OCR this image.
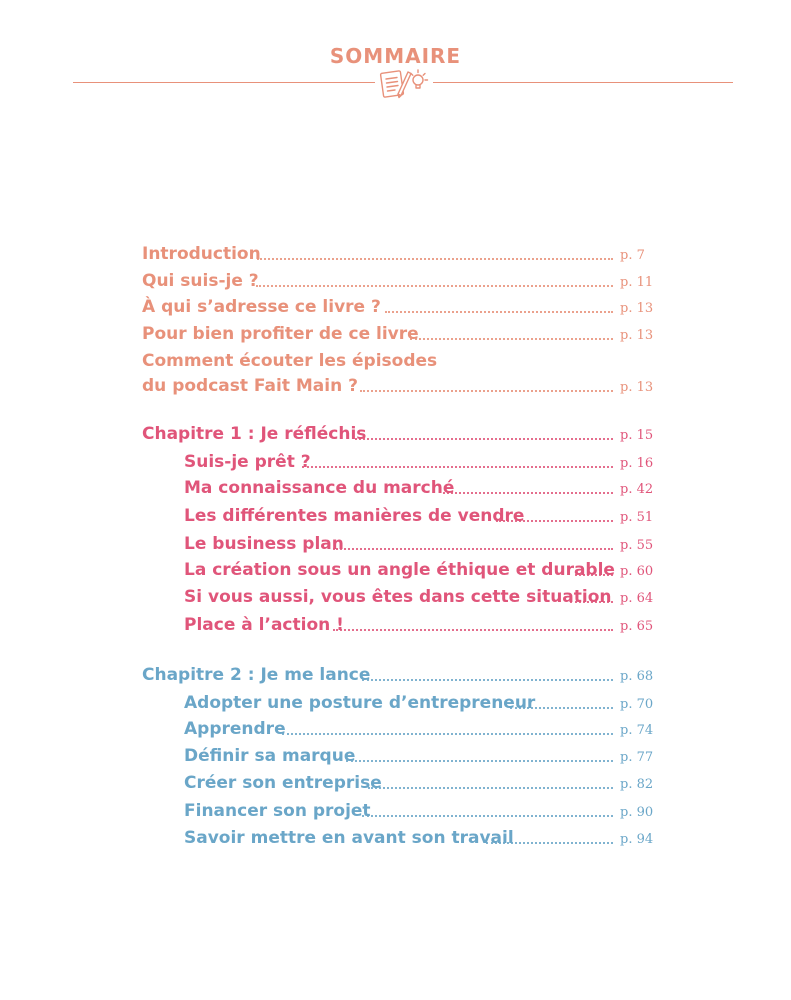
SOMMAIRE
Introduction	p. 7
Qui suis-je ?	p. 11
À qui s’adresse ce livre ?	p. 13
Pour bien profiter de ce livre	p. 13
Comment écouter les épisodes
du podcast Fait Main ?	p. 13
Chapitre 1 : Je réfléchis	p. 15
Suis-je prêt ?	p. 16
Ma connaissance du marché	p. 42
Les différentes manières de vendre	p. 51
Le business plan	p. 55
La création sous un angle éthique et durable p. 60
Si vous aussi, vous êtes dans cette situation p. 64
Place à l’action !	p. 65
Chapitre 2 : Je me lance	p. 68
Adopter une posture d’entrepreneur	p. 70
Apprendre	p. 74
Définir sa marque	p. 77
Créer son entreprise	p. 82
Financer son projet	p. 90
Savoir mettre en avant son travail	p. 94
